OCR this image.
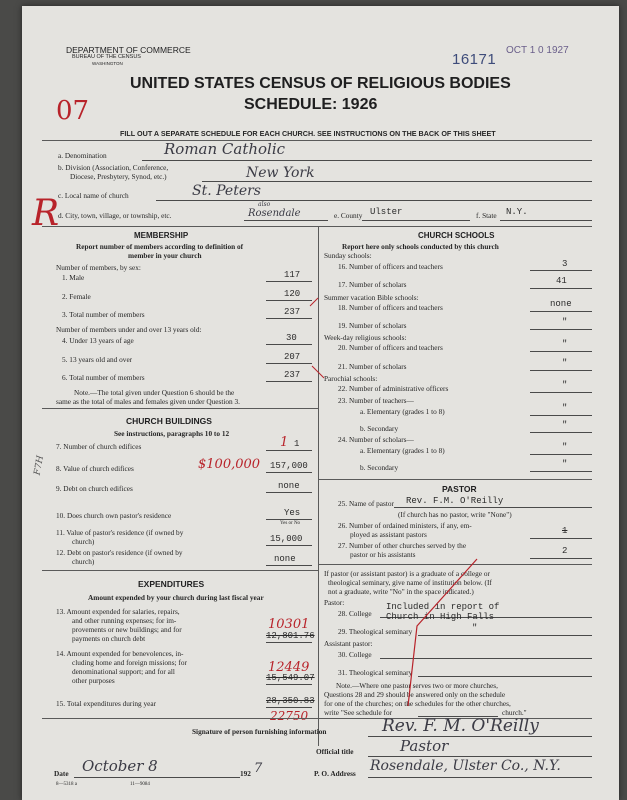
DEPARTMENT OF COMMERCE
BUREAU OF THE CENSUS
WASHINGTON	16171
OCT 1 0 1927
UNITED STATES CENSUS OF RELIGIOUS BODIES
SCHEDULE: 1926
FILL OUT A SEPARATE SCHEDULE FOR EACH CHURCH. SEE INSTRUCTIONS ON THE BACK OF THIS SHEET
07
R
F7H
a. Denomination	Roman Catholic
b. Division (Association, Conference,
Diocese, Presbytery, Synod, etc.)	New York
c. Local name of church	St. Peters
d. City, town, village, or township, etc.	Rosendale
also
e. County Ulster	f. State N.Y.
MEMBERSHIP
Report number of members according to definition of
member in your church
Number of members, by sex:
1. Male	117
2. Female	120
3. Total number of members	237
Number of members under and over 13 years old:
4. Under 13 years of age	30
5. 13 years old and over	207
6. Total number of members	237
Note.—The total given under Question 6 should be the
same as the total of males and females given under Question 3.
CHURCH BUILDINGS
See instructions, paragraphs 10 to 12
7. Number of church edifices	1
1
8. Value of church edifices	157,000
$100,000
9. Debt on church edifices	none
10. Does church own pastor's residence	Yes
Yes or No
11. Value of pastor's residence (if owned by
church)	15,000
12. Debt on pastor's residence (if owned by
church)	none
EXPENDITURES
Amount expended by your church during last fiscal year
13. Amount expended for salaries, repairs,
and other running expenses; for im-
provements or new buildings; and for
payments on church debt	12,801.76
10301
14. Amount expended for benevolences, in-
cluding home and foreign missions; for
denominational support; and for all
other purposes	15,549.07
12449
15. Total expenditures during year	28,350.83
22750
CHURCH SCHOOLS
Report here only schools conducted by this church
Sunday schools:
16. Number of officers and teachers	3
17. Number of scholars	41
Summer vacation Bible schools:
18. Number of officers and teachers	none
19. Number of scholars	"
Week-day religious schools:
20. Number of officers and teachers	"
21. Number of scholars	"
Parochial schools:
22. Number of administrative officers	"
23. Number of teachers—
a. Elementary (grades 1 to 8)	"
b. Secondary	"
24. Number of scholars—
a. Elementary (grades 1 to 8)	"
b. Secondary	"
PASTOR
25. Name of pastor Rev. F.M. O'Reilly
(If church has no pastor, write "None")
26. Number of ordained ministers, if any, em-
ployed as assistant pastors	1
27. Number of other churches served by the
pastor or his assistants	2
If pastor (or assistant pastor) is a graduate of a college or
theological seminary, give name of institution below. (If
not a graduate, write "No" in the space indicated.)
Pastor:
28. College
Included in report of
Church in High Falls
29. Theological seminary	"
Assistant pastor:
30. College
31. Theological seminary
Note.—Where one pastor serves two or more churches,
Questions 28 and 29 should be answered only on the schedule
for one of the churches; on the schedules for the other churches,
write "See schedule for	church."
Signature of person furnishing information	Rev. F. M. O'Reilly
Official title	Pastor
Date October 8	192 7	P. O. Address Rosendale, Ulster Co., N.Y.
8—5318 a	11—9084
